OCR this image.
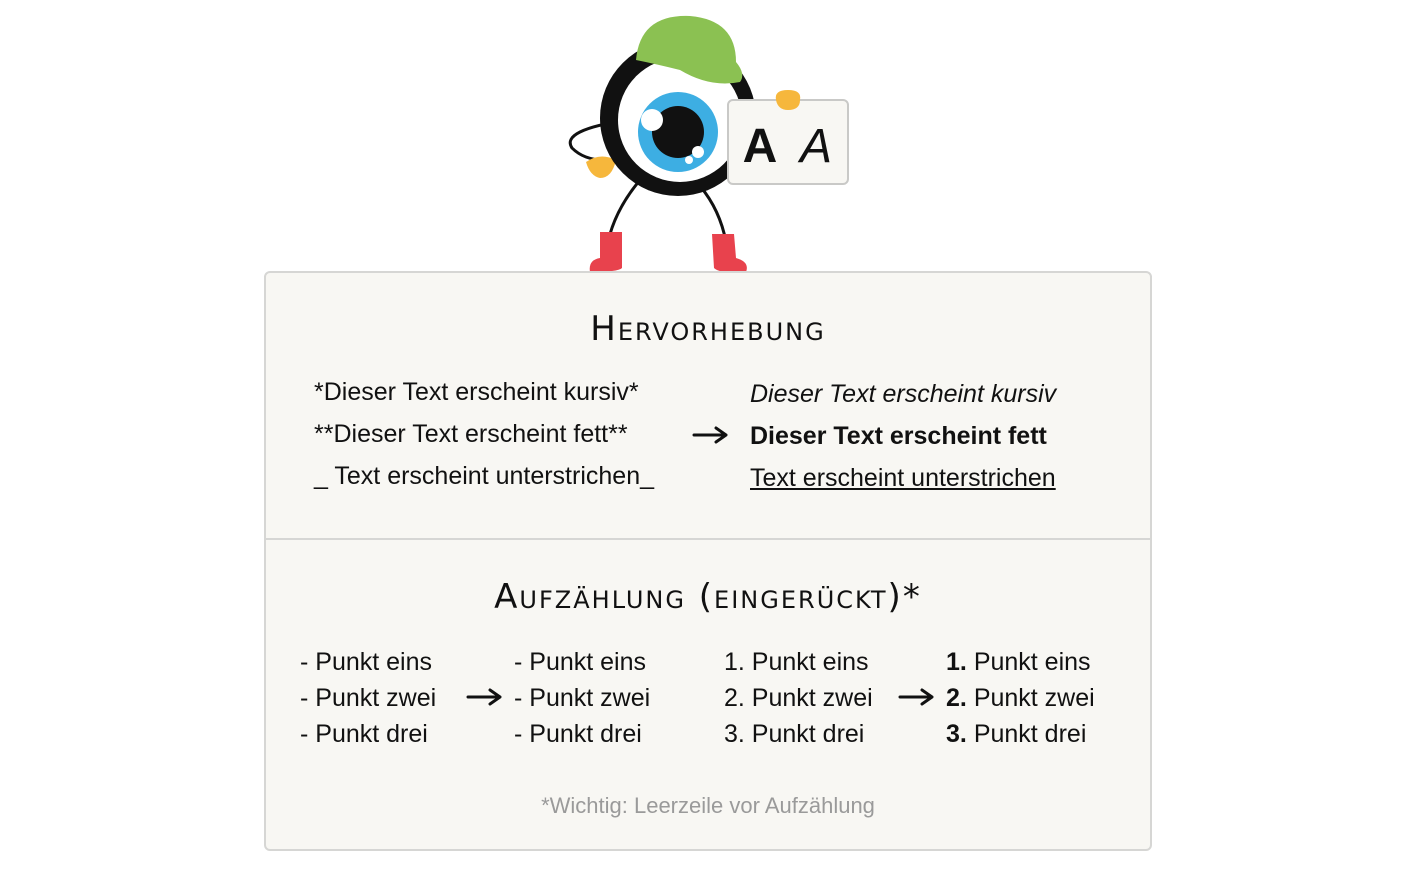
A A
Hervorhebung
*Dieser Text erscheint kursiv*
**Dieser Text erscheint fett**
_ Text erscheint unterstrichen_
Dieser Text erscheint kursiv
Dieser Text erscheint fett
Text erscheint unterstrichen
Aufzählung (eingerückt)*
- Punkt eins
- Punkt zwei
- Punkt drei
- Punkt eins
- Punkt zwei
- Punkt drei
1. Punkt eins
2. Punkt zwei
3. Punkt drei
1. Punkt eins
2. Punkt zwei
3. Punkt drei
*Wichtig: Leerzeile vor Aufzählung
